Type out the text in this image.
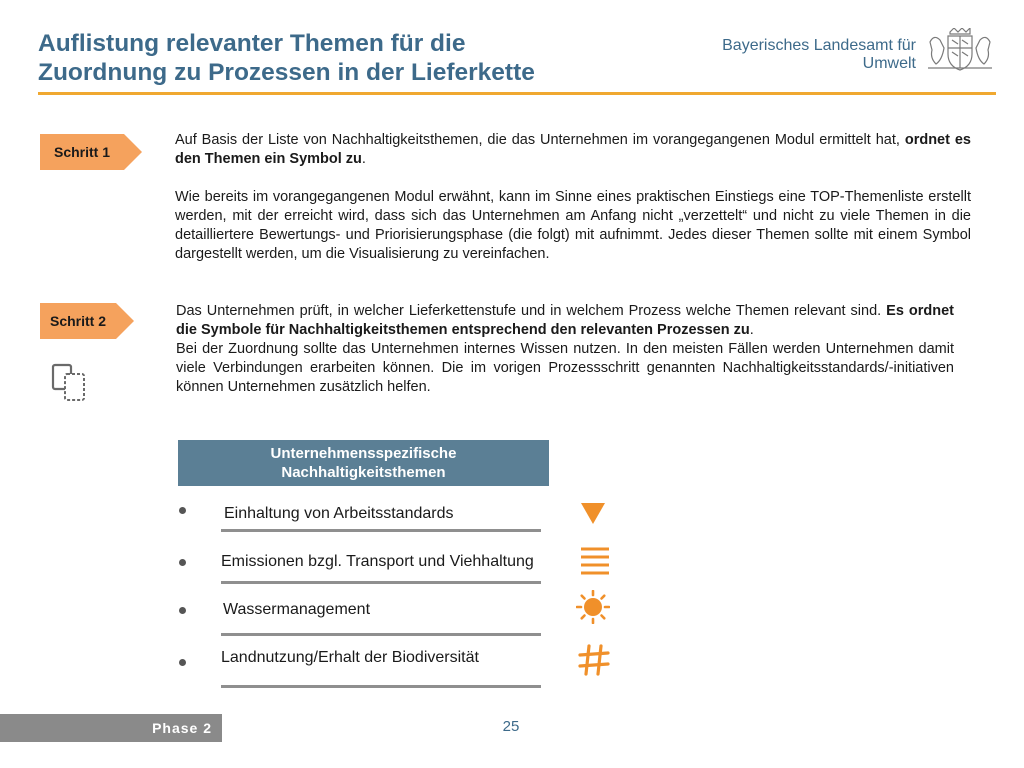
Auflistung relevanter Themen für die
Zuordnung zu Prozessen in der Lieferkette
Bayerisches Landesamt für
Umwelt
Schritt 1

Auf Basis der Liste von Nachhaltigkeitsthemen, die das Unternehmen im vorangegangenen Modul ermittelt hat, ordnet es den Themen ein Symbol zu.

Wie bereits im vorangegangenen Modul erwähnt, kann im Sinne eines praktischen Einstiegs eine TOP-Themenliste erstellt werden, mit der erreicht wird, dass sich das Unternehmen am Anfang nicht „verzettelt“ und nicht zu viele Themen in die detailliertere Bewertungs- und Priorisierungsphase (die folgt) mit aufnimmt. Jedes dieser Themen sollte mit einem Symbol dargestellt werden, um die Visualisierung zu vereinfachen.

Schritt 2

Das Unternehmen prüft, in welcher Lieferkettenstufe und in welchem Prozess welche Themen relevant sind. Es ordnet die Symbole für Nachhaltigkeitsthemen entsprechend den relevanten Prozessen zu.

Bei der Zuordnung sollte das Unternehmen internes Wissen nutzen. In den meisten Fällen werden Unternehmen damit viele Verbindungen erarbeiten können. Die im vorigen Prozessschritt genannten Nachhaltigkeitsstandards/-initiativen können Unternehmen zusätzlich helfen.

Unternehmensspezifische
Nachhaltigkeitsthemen
Einhaltung von Arbeitsstandards
Emissionen bzgl. Transport und Viehhaltung
Wassermanagement
Landnutzung/Erhalt der Biodiversität
Phase 2	25
